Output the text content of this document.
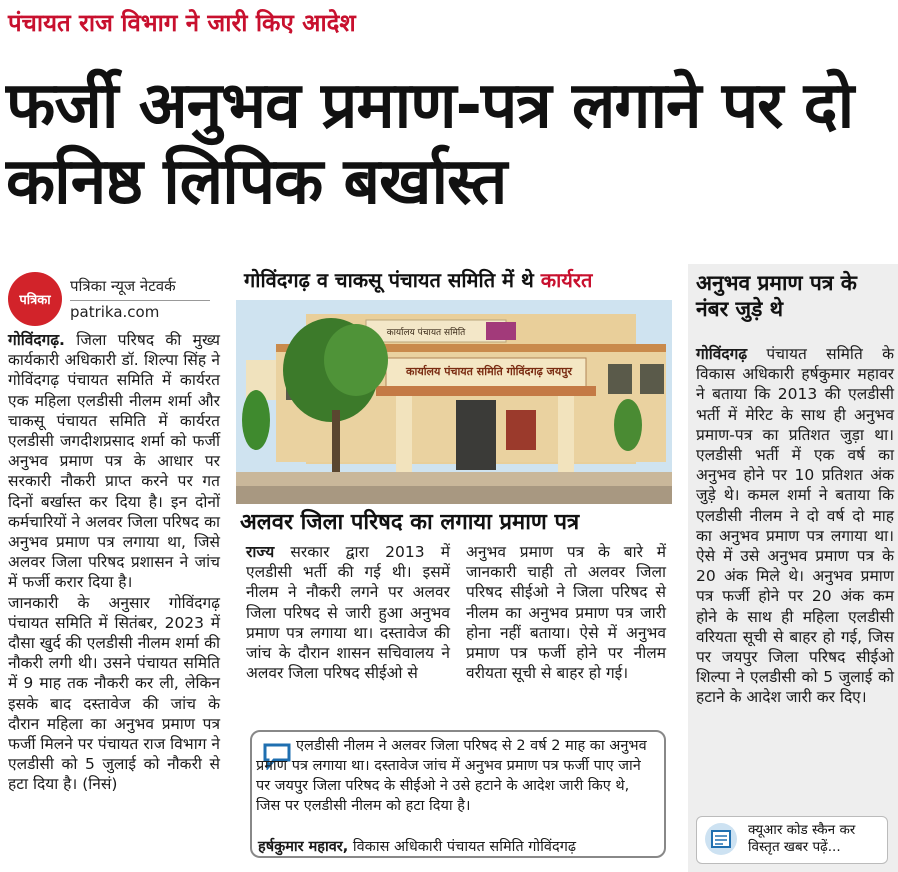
पंचायत राज विभाग ने जारी किए आदेश
फर्जी अनुभव प्रमाण-पत्र लगाने पर दो कनिष्ठ लिपिक बर्खास्त
पत्रिका
पत्रिका न्यूज नेटवर्क
patrika.com
गोविंदगढ़. जिला परिषद की मुख्य कार्यकारी अधिकारी डॉ. शिल्पा सिंह ने गोविंदगढ़ पंचायत समिति में कार्यरत एक महिला एलडीसी नीलम शर्मा और चाकसू पंचायत समिति में कार्यरत एलडीसी जगदीशप्रसाद शर्मा को फर्जी अनुभव प्रमाण पत्र के आधार पर सरकारी नौकरी प्राप्त करने पर गत दिनों बर्खास्त कर दिया है। इन दोनों कर्मचारियों ने अलवर जिला परिषद का अनुभव प्रमाण पत्र लगाया था, जिसे अलवर जिला परिषद प्रशासन ने जांच में फर्जी करार दिया है।
जानकारी के अनुसार गोविंदगढ़ पंचायत समिति में सितंबर, 2023 में दौसा खुर्द की एलडीसी नीलम शर्मा की नौकरी लगी थी। उसने पंचायत समिति में 9 माह तक नौकरी कर ली, लेकिन इसके बाद दस्तावेज की जांच के दौरान महिला का अनुभव प्रमाण पत्र फर्जी मिलने पर पंचायत राज विभाग ने एलडीसी को 5 जुलाई को नौकरी से हटा दिया है। (निसं)
गोविंदगढ़ व चाकसू पंचायत समिति में थे कार्यरत
कार्यालय पंचायत समिति गोविंदगढ़ जयपुर
कार्यालय पंचायत समिति
अलवर जिला परिषद का लगाया प्रमाण पत्र
राज्य सरकार द्वारा 2013 में एलडीसी भर्ती की गई थी। इसमें नीलम ने नौकरी लगने पर अलवर जिला परिषद से जारी हुआ अनुभव प्रमाण पत्र लगाया था। दस्तावेज की जांच के दौरान शासन सचिवालय ने अलवर जिला परिषद सीईओ से
अनुभव प्रमाण पत्र के बारे में जानकारी चाही तो अलवर जिला परिषद सीईओ ने जिला परिषद से नीलम का अनुभव प्रमाण पत्र जारी होना नहीं बताया। ऐसे में अनुभव प्रमाण पत्र फर्जी होने पर नीलम वरीयता सूची से बाहर हो गई।
एलडीसी नीलम ने अलवर जिला परिषद से 2 वर्ष 2 माह का अनुभव प्रमाण पत्र लगाया था। दस्तावेज जांच में अनुभव प्रमाण पत्र फर्जी पाए जाने पर जयपुर जिला परिषद के सीईओ ने उसे हटाने के आदेश जारी किए थे, जिस पर एलडीसी नीलम को हटा दिया है।
हर्षकुमार महावर, विकास अधिकारी पंचायत समिति गोविंदगढ़
अनुभव प्रमाण पत्र के नंबर जुड़े थे
गोविंदगढ़ पंचायत समिति के विकास अधिकारी हर्षकुमार महावर ने बताया कि 2013 की एलडीसी भर्ती में मेरिट के साथ ही अनुभव प्रमाण-पत्र का प्रतिशत जुड़ा था। एलडीसी भर्ती में एक वर्ष का अनुभव होने पर 10 प्रतिशत अंक जुड़े थे। कमल शर्मा ने बताया कि एलडीसी नीलम ने दो वर्ष दो माह का अनुभव प्रमाण पत्र लगाया था। ऐसे में उसे अनुभव प्रमाण पत्र के 20 अंक मिले थे। अनुभव प्रमाण पत्र फर्जी होने पर 20 अंक कम होने के साथ ही महिला एलडीसी वरियता सूची से बाहर हो गई, जिस पर जयपुर जिला परिषद सीईओ शिल्पा ने एलडीसी को 5 जुलाई को हटाने के आदेश जारी कर दिए।
क्यूआर कोड स्कैन कर विस्तृत खबर पढ़ें...
